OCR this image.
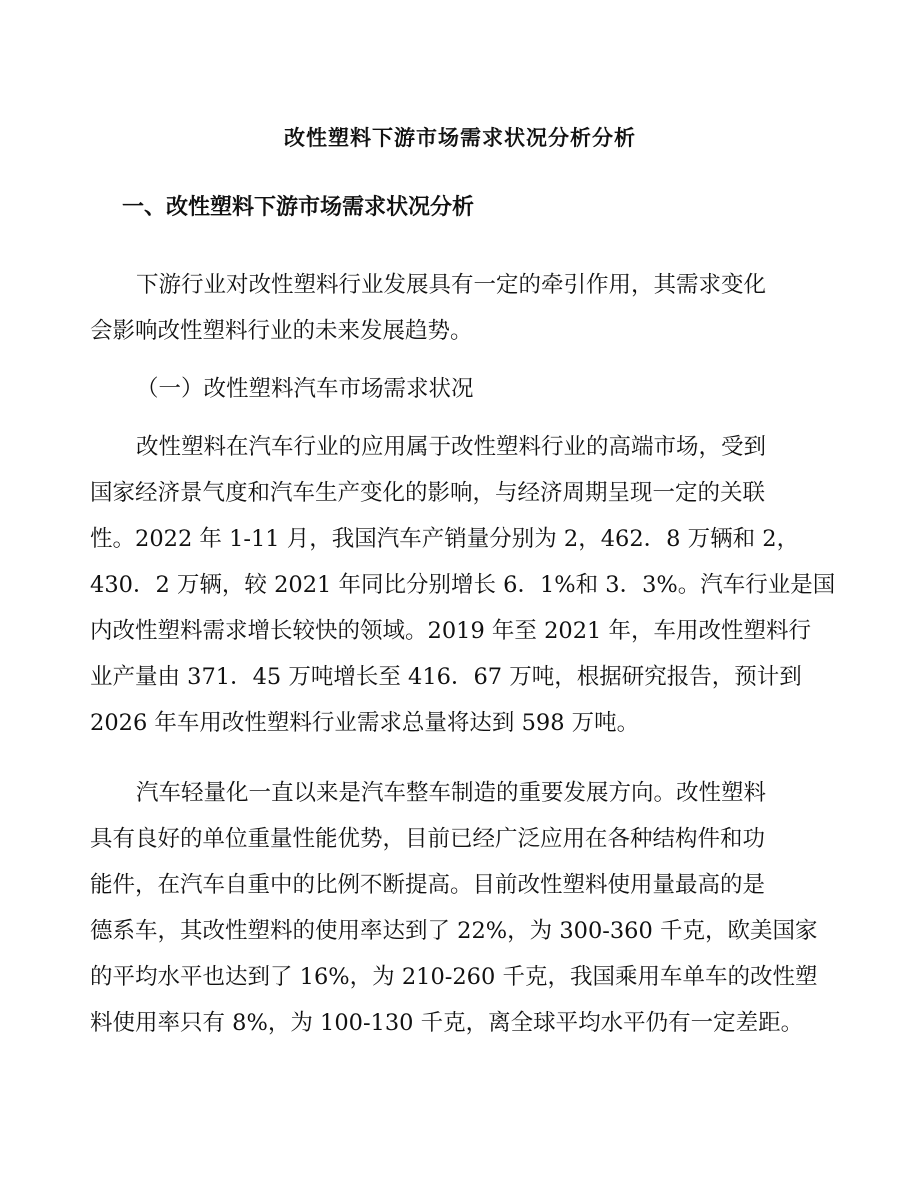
改性塑料下游市场需求状况分析分析
一、改性塑料下游市场需求状况分析
下游行业对改性塑料行业发展具有一定的牵引作用，其需求变化
会影响改性塑料行业的未来发展趋势。
（一）改性塑料汽车市场需求状况
改性塑料在汽车行业的应用属于改性塑料行业的高端市场，受到
国家经济景气度和汽车生产变化的影响，与经济周期呈现一定的关联
性。2022 年 1-11 月，我国汽车产销量分别为 2，462．8 万辆和 2，
430．2 万辆，较 2021 年同比分别增长 6．1%和 3．3%。汽车行业是国
内改性塑料需求增长较快的领域。2019 年至 2021 年，车用改性塑料行
业产量由 371．45 万吨增长至 416．67 万吨，根据研究报告，预计到
2026 年车用改性塑料行业需求总量将达到 598 万吨。
汽车轻量化一直以来是汽车整车制造的重要发展方向。改性塑料
具有良好的单位重量性能优势，目前已经广泛应用在各种结构件和功
能件，在汽车自重中的比例不断提高。目前改性塑料使用量最高的是
德系车，其改性塑料的使用率达到了 22%，为 300-360 千克，欧美国家
的平均水平也达到了 16%，为 210-260 千克，我国乘用车单车的改性塑
料使用率只有 8%，为 100-130 千克，离全球平均水平仍有一定差距。
